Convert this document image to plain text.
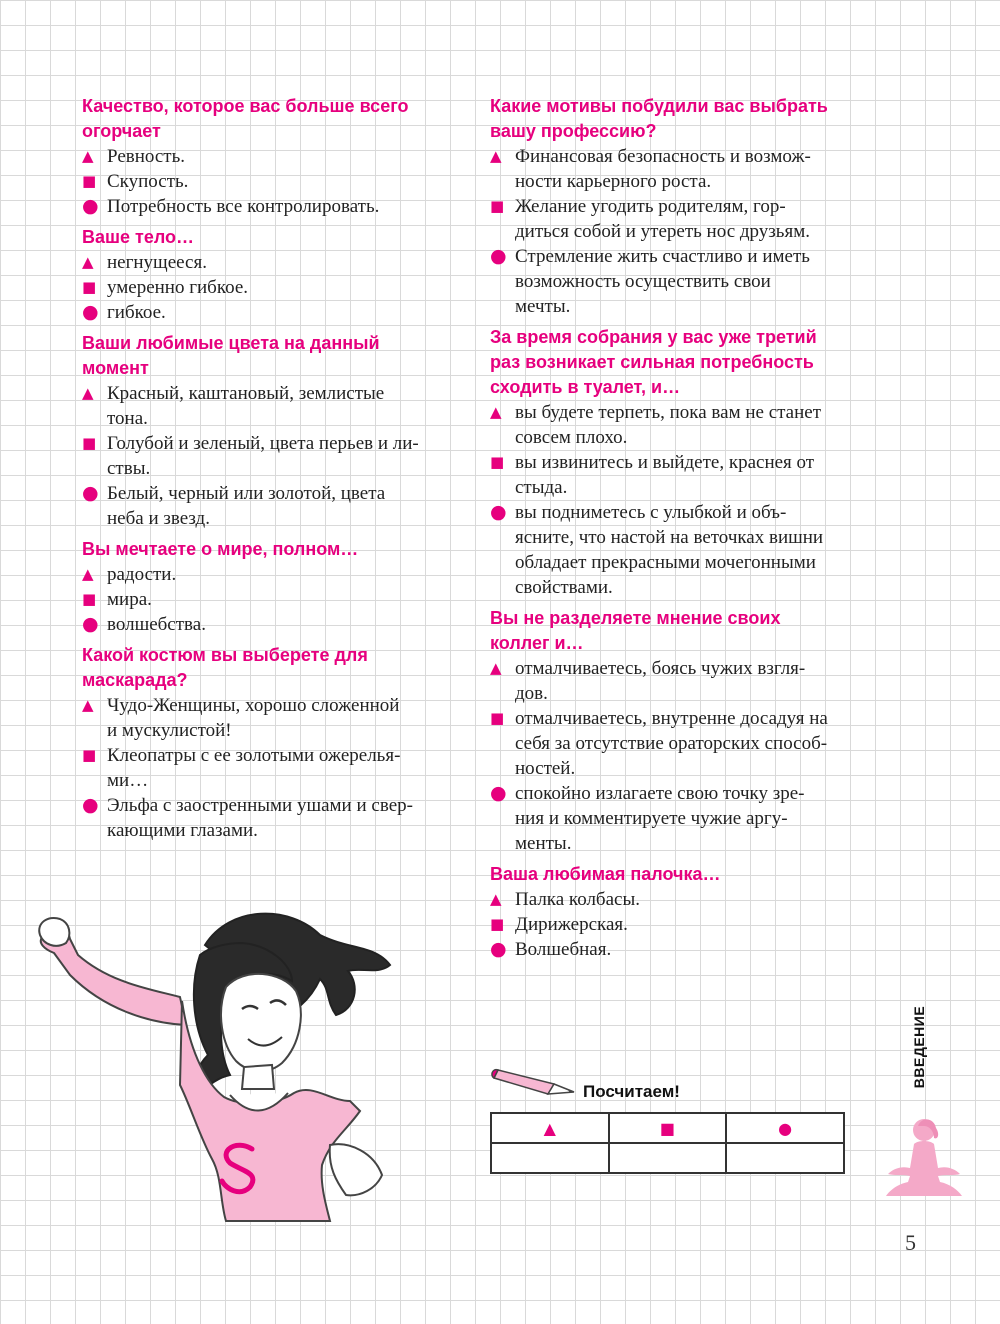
Качество, которое вас больше всего
огорчает
▲ Ревность.
■ Скупость.
● Потребность все контролировать.
Ваше тело…
▲ негнущееся.
■ умеренно гибкое.
● гибкое.
Ваши любимые цвета на данный
момент
▲ Красный, каштановый, землистые
тона.
■ Голубой и зеленый, цвета перьев и ли-
ствы.
● Белый, черный или золотой, цвета
неба и звезд.
Вы мечтаете о мире, полном…
▲ радости.
■ мира.
● волшебства.
Какой костюм вы выберете для
маскарада?
▲ Чудо-Женщины, хорошо сложенной
и мускулистой!
■ Клеопатры с ее золотыми ожерелья-
ми…
● Эльфа с заостренными ушами и свер-
кающими глазами.
Какие мотивы побудили вас выбрать
вашу профессию?
▲ Финансовая безопасность и возмож-
ности карьерного роста.
■ Желание угодить родителям, гор-
диться собой и утереть нос друзьям.
● Стремление жить счастливо и иметь
возможность осуществить свои
мечты.
За время собрания у вас уже третий
раз возникает сильная потребность
сходить в туалет, и…
▲ вы будете терпеть, пока вам не станет
совсем плохо.
■ вы извинитесь и выйдете, краснея от
стыда.
● вы подниметесь с улыбкой и объ-
ясните, что настой на веточках вишни
обладает прекрасными мочегонными
свойствами.
Вы не разделяете мнение своих
коллег и…
▲ отмалчиваетесь, боясь чужих взгля-
дов.
■ отмалчиваетесь, внутренне досадуя на
себя за отсутствие ораторских способ-
ностей.
● спокойно излагаете свою точку зре-
ния и комментируете чужие аргу-
менты.
Ваша любимая палочка…
▲ Палка колбасы.
■ Дирижерская.
● Волшебная.
Посчитаем!
▲	■	●

ВВЕДЕНИЕ
5
